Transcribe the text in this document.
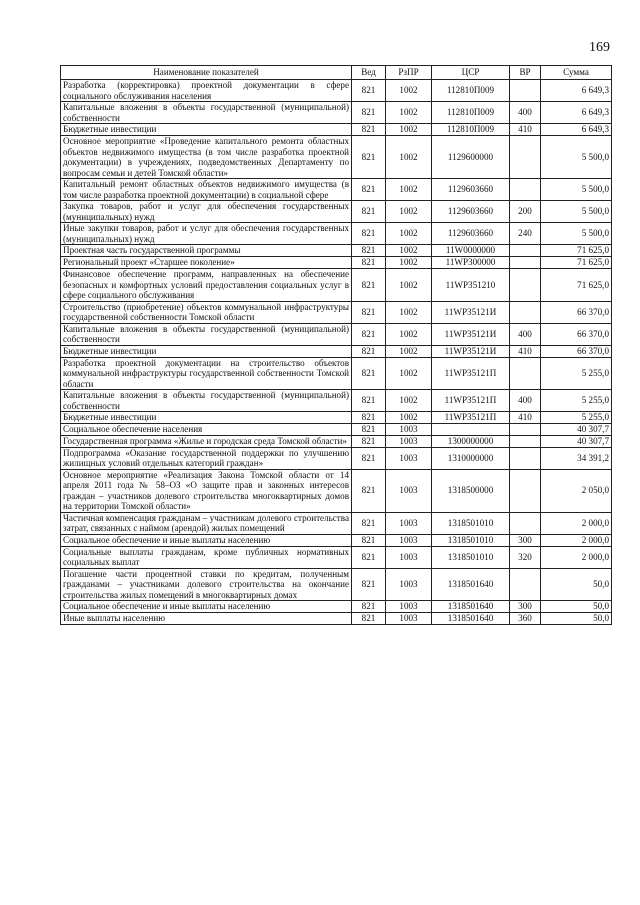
169
Наименование показателей	Вед	РзПР	ЦСР	ВР	Сумма
Разработка (корректировка) проектной документации в сфере социального обслуживания населения	821	1002	112810П009		6 649,3
Капитальные вложения в объекты государственной (муниципальной) собственности	821	1002	112810П009	400	6 649,3
Бюджетные инвестиции	821	1002	112810П009	410	6 649,3
Основное мероприятие «Проведение капитального ремонта областных объектов недвижимого имущества (в том числе разработка проектной документации) в учреждениях, подведомственных Департаменту по вопросам семьи и детей Томской области»	821	1002	1129600000		5 500,0
Капитальный ремонт областных объектов недвижимого имущества (в том числе разработка проектной документации) в социальной сфере	821	1002	1129603660		5 500,0
Закупка товаров, работ и услуг для обеспечения государственных (муниципальных) нужд	821	1002	1129603660	200	5 500,0
Иные закупки товаров, работ и услуг для обеспечения государственных (муниципальных) нужд	821	1002	1129603660	240	5 500,0
Проектная часть государственной программы	821	1002	11W0000000		71 625,0
Региональный проект «Старшее поколение»	821	1002	11WP300000		71 625,0
Финансовое обеспечение программ, направленных на обеспечение безопасных и комфортных условий предоставления социальных услуг в сфере социального обслуживания	821	1002	11WP351210		71 625,0
Строительство (приобретение) объектов коммунальной инфраструктуры государственной собственности Томской области	821	1002	11WP35121И		66 370,0
Капитальные вложения в объекты государственной (муниципальной) собственности	821	1002	11WP35121И	400	66 370,0
Бюджетные инвестиции	821	1002	11WP35121И	410	66 370,0
Разработка проектной документации на строительство объектов коммунальной инфраструктуры государственной собственности Томской области	821	1002	11WP35121П		5 255,0
Капитальные вложения в объекты государственной (муниципальной) собственности	821	1002	11WP35121П	400	5 255,0
Бюджетные инвестиции	821	1002	11WP35121П	410	5 255,0
Социальное обеспечение населения	821	1003			40 307,7
Государственная программа «Жилье и городская среда Томской области»	821	1003	1300000000		40 307,7
Подпрограмма «Оказание государственной поддержки по улучшению жилищных условий отдельных категорий граждан»	821	1003	1310000000		34 391,2
Основное мероприятие «Реализация Закона Томской области от 14 апреля 2011 года № 58–ОЗ «О защите прав и законных интересов граждан – участников долевого строительства многоквартирных домов на территории Томской области»	821	1003	1318500000		2 050,0
Частичная компенсация гражданам – участникам долевого строительства затрат, связанных с наймом (арендой) жилых помещений	821	1003	1318501010		2 000,0
Социальное обеспечение и иные выплаты населению	821	1003	1318501010	300	2 000,0
Социальные выплаты гражданам, кроме публичных нормативных социальных выплат	821	1003	1318501010	320	2 000,0
Погашение части процентной ставки по кредитам, полученным гражданами – участниками долевого строительства на окончание строительства жилых помещений в многоквартирных домах	821	1003	1318501640		50,0
Социальное обеспечение и иные выплаты населению	821	1003	1318501640	300	50,0
Иные выплаты населению	821	1003	1318501640	360	50,0
